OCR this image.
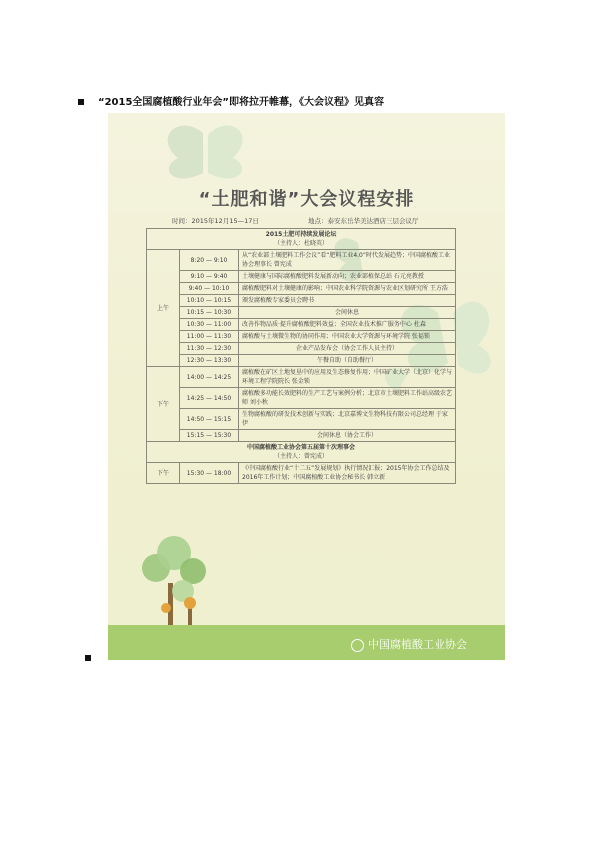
“2015全国腐植酸行业年会”即将拉开帷幕，《大会议程》见真容
“土肥和谐”大会议程安排
时间：2015年12月15—17日	地点：泰安东岳华美达酒店三层会议厅
2015土肥可持续发展论坛
（主持人：杜晓英）		

上午	8:20 — 9:10	从“农业部土壤肥料工作会议”看“肥料工业4.0”时代发展趋势；中国腐植酸工业协会理事长 曾宪成
	9:10 — 9:40	土壤健康与国际腐植酸肥料发展新动向；农业部植保总站 石元亮教授
	9:40 — 10:10	腐植酸肥料对土壤健康的影响；中国农业科学院资源与农业区划研究所 王方浩
	10:10 — 10:15	颁发腐植酸专家委员会聘书
	10:15 — 10:30	会间休息
	10:30 — 11:00	改善作物品质·提升腐植酸肥料效益；全国农业技术推广服务中心 杜森
	11:00 — 11:30	腐植酸与土壤微生物的协同作用；中国农业大学资源与环境学院 张福锁
	11:30 — 12:30	企业产品发布会（协会工作人员主持）
	12:30 — 13:30	午餐自助（自助餐厅）
下午	14:00 — 14:25	腐植酸在矿区土地复垦中的应用及生态修复作用；中国矿业大学（北京）化学与环境工程学院院长 张金锁
	14:25 — 14:50	腐植酸多功能长效肥料的生产工艺与案例分析；北京市土壤肥料工作站高级农艺师 刘小秋
	14:50 — 15:15	生物腐植酸的研发技术创新与实践；北京嘉博文生物科技有限公司总经理 于家伊
	15:15 — 15:30	会间休息（协会工作）
中国腐植酸工业协会第五届第十次理事会
（主持人：曾宪成）		

下午	15:30 — 18:00	《中国腐植酸行业“十二五”发展规划》执行情况汇报；2015年协会工作总结及2016年工作计划；中国腐植酸工业协会秘书长 韩立新
中国腐植酸工业协会
